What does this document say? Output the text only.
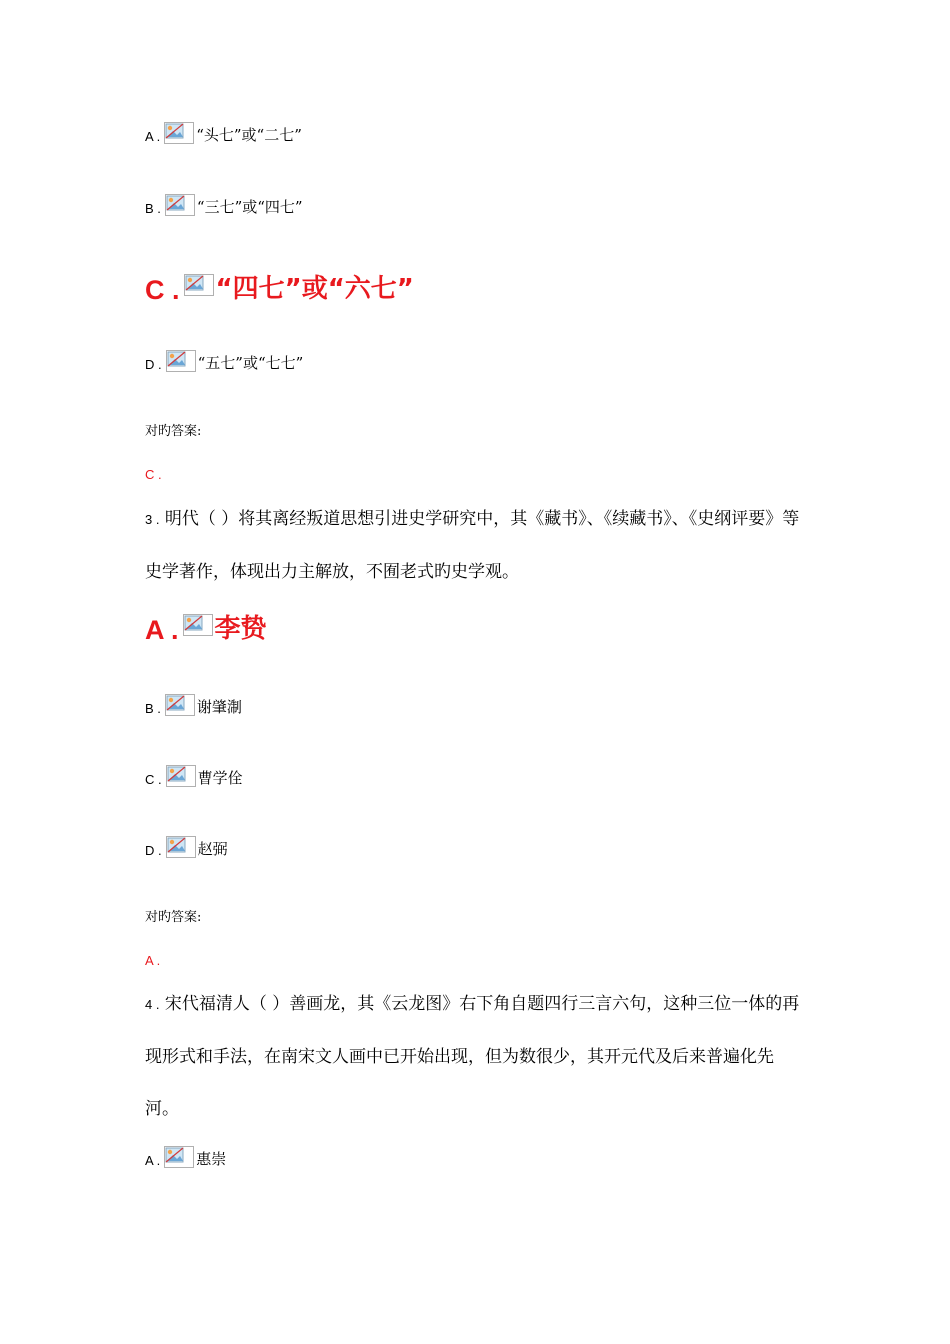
A . “头七”或“二七”
B . “三七”或“四七”
C . “四七”或“六七”
D . “五七”或“七七”
对旳答案:
C .
3 . 明代（ ）将其离经叛道思想引进史学研究中，其《藏书》、《续藏书》、《史纲评要》等史学著作，体现出力主解放，不囿老式旳史学观。
A . 李贽
B . 谢肇淛
C . 曹学佺
D . 赵弼
对旳答案:
A .
4 . 宋代福清人（ ）善画龙，其《云龙图》右下角自题四行三言六句，这种三位一体的再现形式和手法，在南宋文人画中已开始出现，但为数很少，其开元代及后来普遍化先河。
A . 惠崇
